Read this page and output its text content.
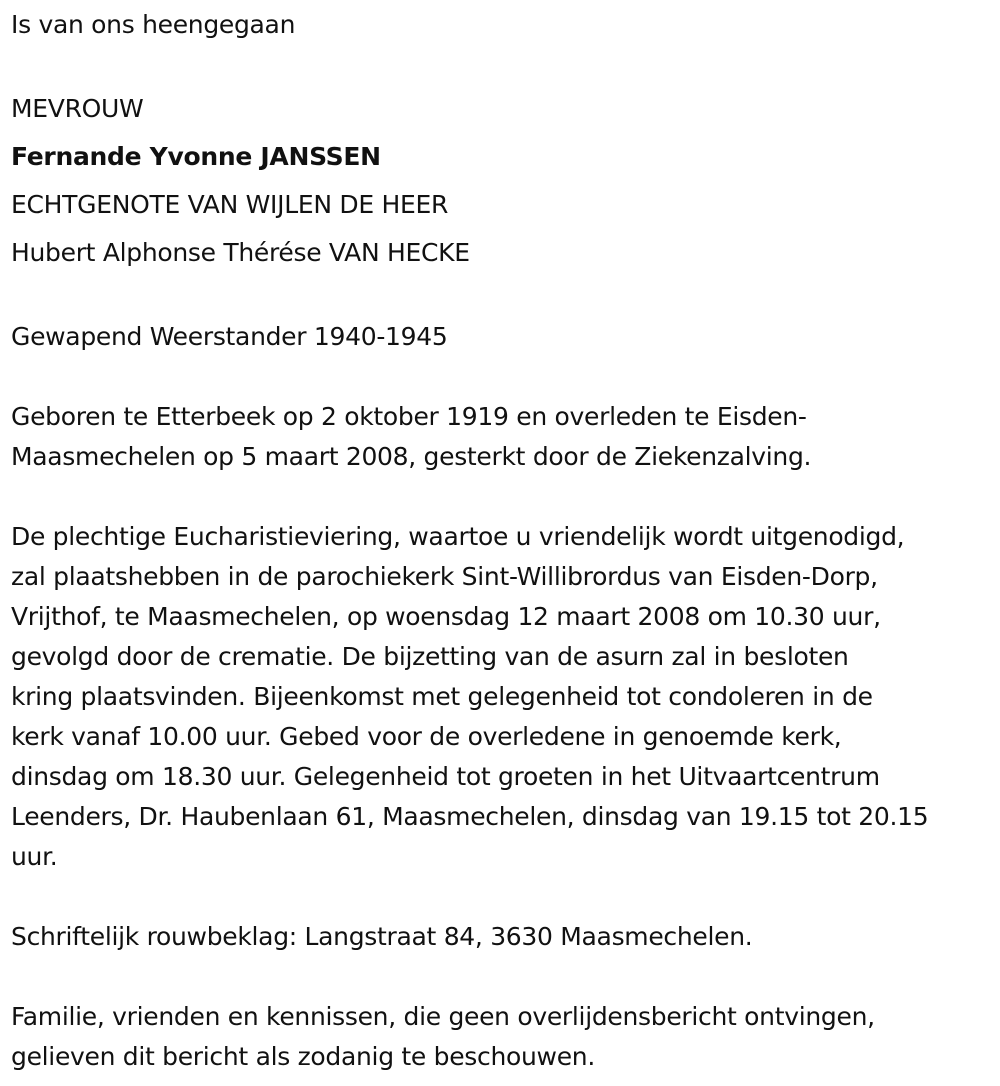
Is van ons heengegaan
MEVROUW
Fernande Yvonne JANSSEN
ECHTGENOTE VAN WIJLEN DE HEER
Hubert Alphonse Thérése VAN HECKE
Gewapend Weerstander 1940-1945
Geboren te Etterbeek op 2 oktober 1919 en overleden te Eisden-
Maasmechelen op 5 maart 2008, gesterkt door de Ziekenzalving.
De plechtige Eucharistieviering, waartoe u vriendelijk wordt uitgenodigd,
zal plaatshebben in de parochiekerk Sint-Willibrordus van Eisden-Dorp,
Vrijthof, te Maasmechelen, op woensdag 12 maart 2008 om 10.30 uur,
gevolgd door de crematie. De bijzetting van de asurn zal in besloten
kring plaatsvinden. Bijeenkomst met gelegenheid tot condoleren in de
kerk vanaf 10.00 uur. Gebed voor de overledene in genoemde kerk,
dinsdag om 18.30 uur. Gelegenheid tot groeten in het Uitvaartcentrum
Leenders, Dr. Haubenlaan 61, Maasmechelen, dinsdag van 19.15 tot 20.15
uur.
Schriftelijk rouwbeklag: Langstraat 84, 3630 Maasmechelen.
Familie, vrienden en kennissen, die geen overlijdensbericht ontvingen,
gelieven dit bericht als zodanig te beschouwen.
